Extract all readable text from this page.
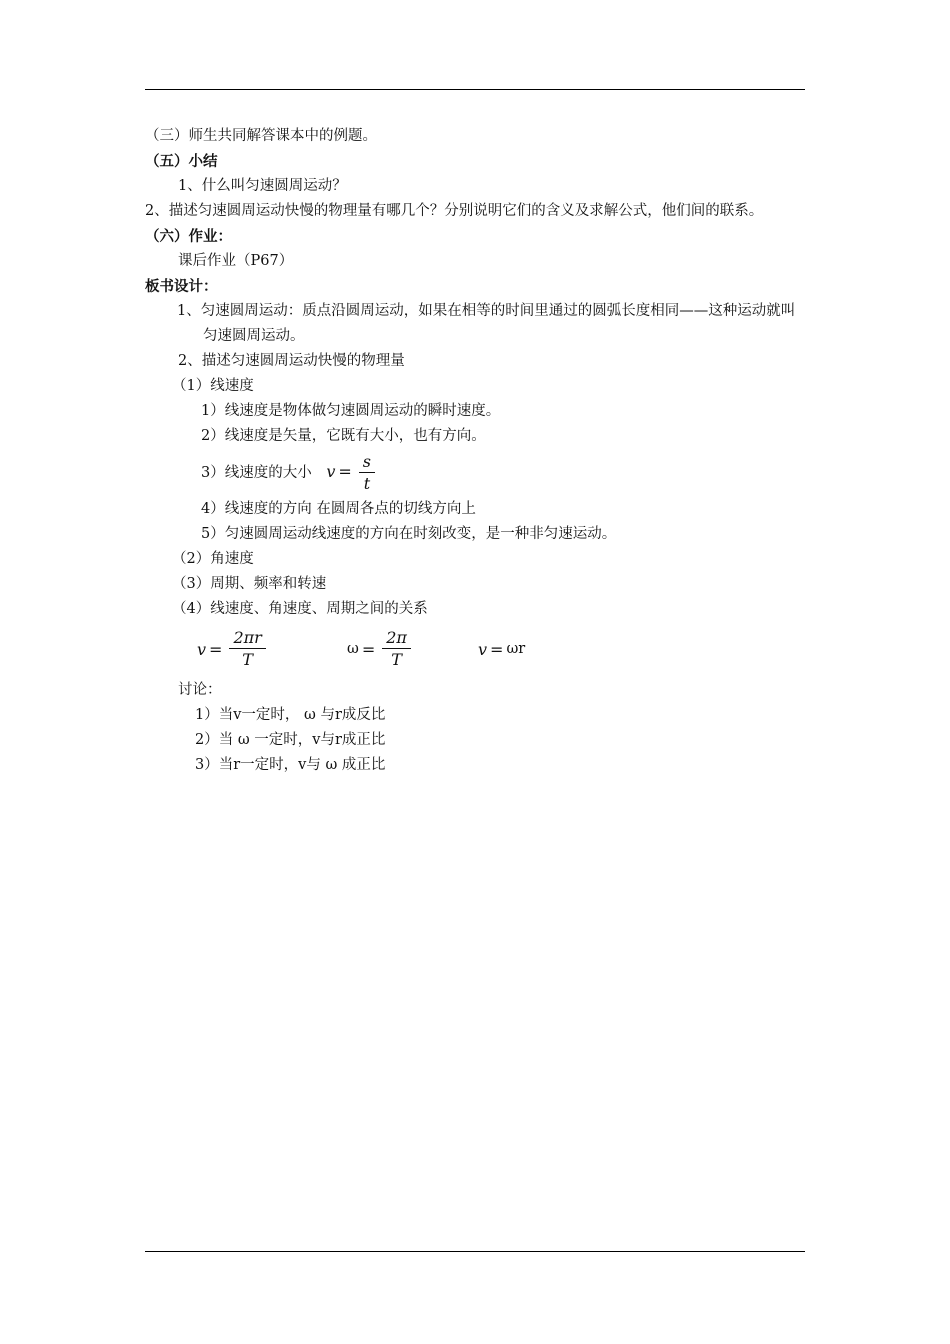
（三）师生共同解答课本中的例题。
（五）小结
1、什么叫匀速圆周运动？
2、描述匀速圆周运动快慢的物理量有哪几个？分别说明它们的含义及求解公式，他们间的联系。
（六）作业：
课后作业（P67）
板书设计：
1、匀速圆周运动：质点沿圆周运动，如果在相等的时间里通过的圆弧长度相同——这种运动就叫匀速圆周运动。
2、描述匀速圆周运动快慢的物理量
（1）线速度
1）线速度是物体做匀速圆周运动的瞬时速度。
2）线速度是矢量，它既有大小，也有方向。
3）线速度的大小 $v = \frac{s}{t}$
4）线速度的方向 在圆周各点的切线方向上
5）匀速圆周运动线速度的方向在时刻改变，是一种非匀速运动。
（2）角速度
（3）周期、频率和转速
（4）线速度、角速度、周期之间的关系
$v = \frac{2\pi r}{T}$	$\omega = \frac{2\pi}{T}$	v = ωr
讨论：
1）当v一定时， ω 与r成反比
2）当 ω 一定时，v与r成正比
3）当r一定时，v与 ω 成正比
